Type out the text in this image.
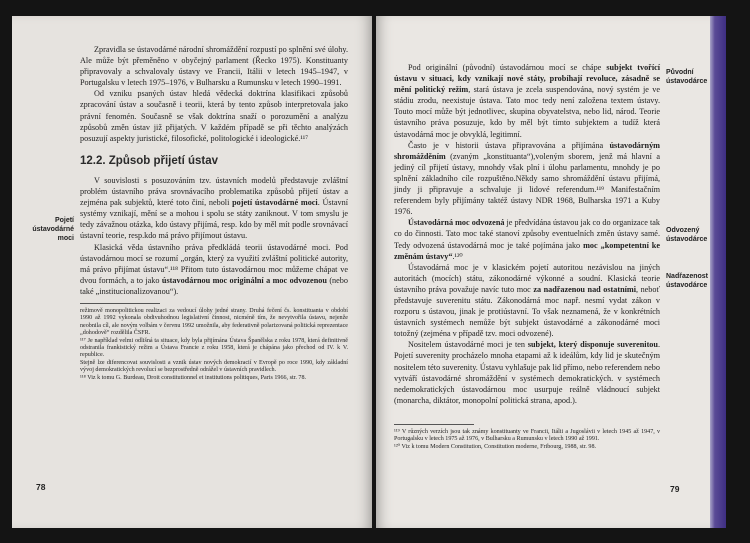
Zpravidla se ústavodárné národní shromáždění rozpustí po splnění své úlohy. Ale může být přeměněno v obyčejný parlament (Řecko 1975). Konstituanty připravovaly a schvalovaly ústavy ve Francii, Itálii v letech 1945–1947, v Portugalsku v letech 1975–1976, v Bulharsku a Rumunsku v letech 1990–1991.

Od vzniku psaných ústav hledá vědecká doktrína klasifikaci způsobů zpracování ústav a současně i teorii, která by tento způsob interpretovala jako právní fenomén. Současně se však doktrína snaží o porozumění a analýzu způsobů změn ústav již přijatých. V každém případě se při těchto analýzách posuzují aspekty juristické, filosofické, politologické i ideologické.¹¹⁷

12.2. Způsob přijetí ústav

V souvislosti s posuzováním tzv. ústavních modelů představuje zvláštní problém ústavního práva srovnávacího problematika způsobů přijetí ústav a zejména pak subjektů, které toto činí, neboli pojetí ústavodárné moci. Ústavní systémy vznikají, mění se a mohou i spolu se státy zaniknout. V tom smyslu je tedy závažnou otázka, kdo ústavy přijímá, resp. kdo by měl mít podle srovnávací ústavní teorie, resp.kdo má právo přijímout ústavu.

Klasická věda ústavního práva předkládá teorii ústavodárné moci. Pod ústavodárnou mocí se rozumí „orgán, který za využití zvláštní politické autority, má právo přijímat ústavu“.¹¹⁸ Přitom tuto ústavodárnou moc můžeme chápat ve dvou formách, a to jako ústavodárnou moc originální a moc odvozenou (nebo také „institucionalizovanou“).

režimově monopolitickou realizaci za vedoucí úlohy jedné strany. Druhá fečení čs. konstituanta v období 1990 až 1992 vykonala obdivuhodnou legislativní činnost, nicméně tím, že nevytvořila ústavu, nejenže neobnila cíl, ale novým volbám v červnu 1992 umožnila, aby federativně polarizovaná politická reprezentace „dohodově“ rozdělila ČSFR.

¹¹⁷ Je například velmi odlišná ta situace, kdy byla přijímána Ústava Španělska z roku 1978, která definitivně odstranila frankistický režim a Ústava Francie z roku 1958, která je chápána jako přechod od IV. k V. republice.

Stejně lze diferencovat souvislosti a vznik ústav nových demokracií v Evropě po roce 1990, kdy základní vývoj demokratických revolucí se bezprostředně odrážel v ústavních pravidlech.

¹¹⁸ Viz k tomu G. Burdeau, Droit constitutionnel et institutions politiques, Paris 1966, str. 78.

Pojetí ústavodárné moci
78

Pod originální (původní) ústavodárnou mocí se chápe subjekt tvořící ústavu v situaci, kdy vznikají nové státy, probíhají revoluce, zásadně se mění politický režim, stará ústava je zcela suspendována, nový systém je ve stádiu zrodu, neexistuje ústava. Tato moc tedy není založena textem ústavy. Touto mocí může být jednotlivec, skupina obyvatelstva, nebo lid, národ. Teorie ústavního práva posuzuje, kdo by měl být tímto subjektem a tudíž která ústavodárná moc je obvyklá, legitimní.

Často je v historii ústava připravována a přijímána ústavodárným shromážděním (zvaným „konstituanta“),voleným sborem, jenž má hlavní a jediný cíl přijetí ústavy, mnohdy však plní i úlohu parlamentu, mnohdy je po splnění základního cíle rozpuštěno.Někdy samo shromáždění ústavu přijímá, jindy ji připravuje a schvaluje ji lidové referendum.¹¹⁹ Manifestačním referendem byly přijímány taktéž ústavy NDR 1968, Bulharska 1971 a Kuby 1976.

Ústavodárná moc odvozená je předvídána ústavou jak co do organizace tak co do činnosti. Tato moc také stanoví způsoby eventuelních změn ústavy samé. Tedy odvozená ústavodárná moc je také pojímána jako moc „kompetentní ke změnám ústavy“.¹²⁰

Ústavodárná moc je v klasickém pojetí autoritou nezávislou na jiných autoritách (mocích) státu, zákonodárné výkonné a soudní. Klasická teorie ústavního práva považuje navíc tuto moc za nadřazenou nad ostatními, neboť představuje suverenitu státu. Zákonodárná moc např. nesmí vydat zákon v rozporu s ústavou, jinak je protiústavní. To však neznamená, že v konkrétních ústavních systémech nemůže být subjekt ústavodárné a zákonodárné moci totožný (zejména v případě tzv. moci odvozené).

Nositelem ústavodárné moci je ten subjekt, který disponuje suverenitou. Pojetí suverenity procházelo mnoha etapami až k ideálům, kdy lid je skutečným nositelem této suverenity. Ústavu vyhlašuje pak lid přímo, nebo referendem nebo vytváří ústavodárné shromáždění v systémech demokratických. v systémech nedemokratických ústavodárnou moc usurpuje reálně vládnoucí subjekt (monarcha, diktátor, monopolní politická strana, apod.).

¹¹⁹ V různých verzích jsou tak známy konstituanty ve Francii, Itálii a Jugoslávii v letech 1945 až 1947, v Portugalsku v letech 1975 až 1976, v Bulharsku a Rumunsku v letech 1990 až 1991.

¹²⁰ Viz k tomu Modern Constitution, Constitution moderne, Fribourg, 1988, str. 98.

Původní ústavodárce
Odvozený ústavodárce
Nadřazenost ústavodárce
79
